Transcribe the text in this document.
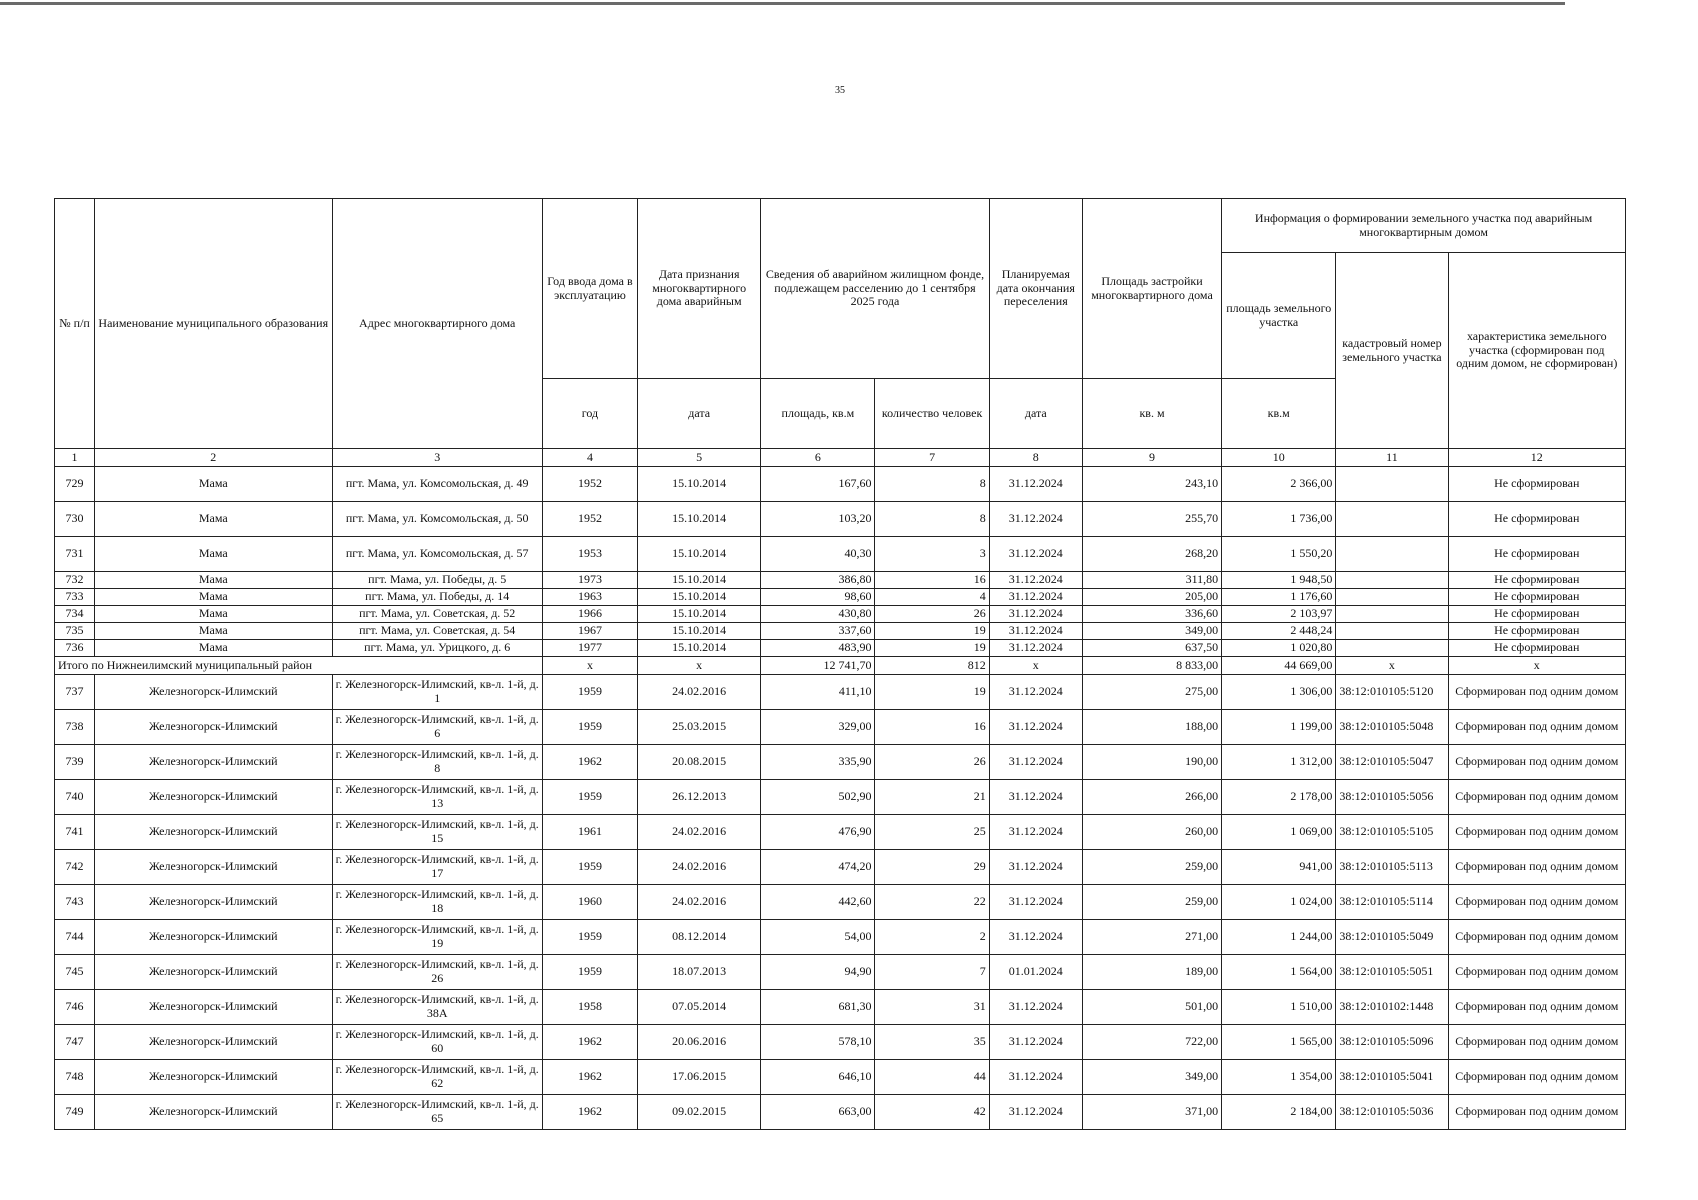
35
№ п/п	Наименование муниципального образования	Адрес многоквартирного дома	Год ввода дома в эксплуатацию	Дата признания многоквартирного дома аварийным	Сведения об аварийном жилищном фонде, подлежащем расселению до 1 сентября 2025 года		Планируемая дата окончания переселения	Площадь застройки многоквартирного дома	Информация о формировании земельного участка под аварийным многоквартирным домом		
									площадь земельного участка	кадастровый номер земельного участка	характеристика земельного участка (сформирован под одним домом, не сформирован)
			год	дата	площадь, кв.м	количество человек	дата	кв. м	кв.м		
1	2	3	4	5	6	7	8	9	10	11	12
729	Мама	пгт. Мама, ул. Комсомольская, д. 49	1952	15.10.2014	167,60	8	31.12.2024	243,10	2 366,00		Не сформирован
730	Мама	пгт. Мама, ул. Комсомольская, д. 50	1952	15.10.2014	103,20	8	31.12.2024	255,70	1 736,00		Не сформирован
731	Мама	пгт. Мама, ул. Комсомольская, д. 57	1953	15.10.2014	40,30	3	31.12.2024	268,20	1 550,20		Не сформирован
732	Мама	пгт. Мама, ул. Победы, д. 5	1973	15.10.2014	386,80	16	31.12.2024	311,80	1 948,50		Не сформирован
733	Мама	пгт. Мама, ул. Победы, д. 14	1963	15.10.2014	98,60	4	31.12.2024	205,00	1 176,60		Не сформирован
734	Мама	пгт. Мама, ул. Советская, д. 52	1966	15.10.2014	430,80	26	31.12.2024	336,60	2 103,97		Не сформирован
735	Мама	пгт. Мама, ул. Советская, д. 54	1967	15.10.2014	337,60	19	31.12.2024	349,00	2 448,24		Не сформирован
736	Мама	пгт. Мама, ул. Урицкого, д. 6	1977	15.10.2014	483,90	19	31.12.2024	637,50	1 020,80		Не сформирован
Итого по Нижнеилимский муниципальный район			x	x	12 741,70	812	x	8 833,00	44 669,00	x	x
737	Железногорск-Илимский	г. Железногорск-Илимский, кв-л. 1-й, д. 1	1959	24.02.2016	411,10	19	31.12.2024	275,00	1 306,00	38:12:010105:5120	Сформирован под одним домом
738	Железногорск-Илимский	г. Железногорск-Илимский, кв-л. 1-й, д. 6	1959	25.03.2015	329,00	16	31.12.2024	188,00	1 199,00	38:12:010105:5048	Сформирован под одним домом
739	Железногорск-Илимский	г. Железногорск-Илимский, кв-л. 1-й, д. 8	1962	20.08.2015	335,90	26	31.12.2024	190,00	1 312,00	38:12:010105:5047	Сформирован под одним домом
740	Железногорск-Илимский	г. Железногорск-Илимский, кв-л. 1-й, д. 13	1959	26.12.2013	502,90	21	31.12.2024	266,00	2 178,00	38:12:010105:5056	Сформирован под одним домом
741	Железногорск-Илимский	г. Железногорск-Илимский, кв-л. 1-й, д. 15	1961	24.02.2016	476,90	25	31.12.2024	260,00	1 069,00	38:12:010105:5105	Сформирован под одним домом
742	Железногорск-Илимский	г. Железногорск-Илимский, кв-л. 1-й, д. 17	1959	24.02.2016	474,20	29	31.12.2024	259,00	941,00	38:12:010105:5113	Сформирован под одним домом
743	Железногорск-Илимский	г. Железногорск-Илимский, кв-л. 1-й, д. 18	1960	24.02.2016	442,60	22	31.12.2024	259,00	1 024,00	38:12:010105:5114	Сформирован под одним домом
744	Железногорск-Илимский	г. Железногорск-Илимский, кв-л. 1-й, д. 19	1959	08.12.2014	54,00	2	31.12.2024	271,00	1 244,00	38:12:010105:5049	Сформирован под одним домом
745	Железногорск-Илимский	г. Железногорск-Илимский, кв-л. 1-й, д. 26	1959	18.07.2013	94,90	7	01.01.2024	189,00	1 564,00	38:12:010105:5051	Сформирован под одним домом
746	Железногорск-Илимский	г. Железногорск-Илимский, кв-л. 1-й, д. 38А	1958	07.05.2014	681,30	31	31.12.2024	501,00	1 510,00	38:12:010102:1448	Сформирован под одним домом
747	Железногорск-Илимский	г. Железногорск-Илимский, кв-л. 1-й, д. 60	1962	20.06.2016	578,10	35	31.12.2024	722,00	1 565,00	38:12:010105:5096	Сформирован под одним домом
748	Железногорск-Илимский	г. Железногорск-Илимский, кв-л. 1-й, д. 62	1962	17.06.2015	646,10	44	31.12.2024	349,00	1 354,00	38:12:010105:5041	Сформирован под одним домом
749	Железногорск-Илимский	г. Железногорск-Илимский, кв-л. 1-й, д. 65	1962	09.02.2015	663,00	42	31.12.2024	371,00	2 184,00	38:12:010105:5036	Сформирован под одним домом
